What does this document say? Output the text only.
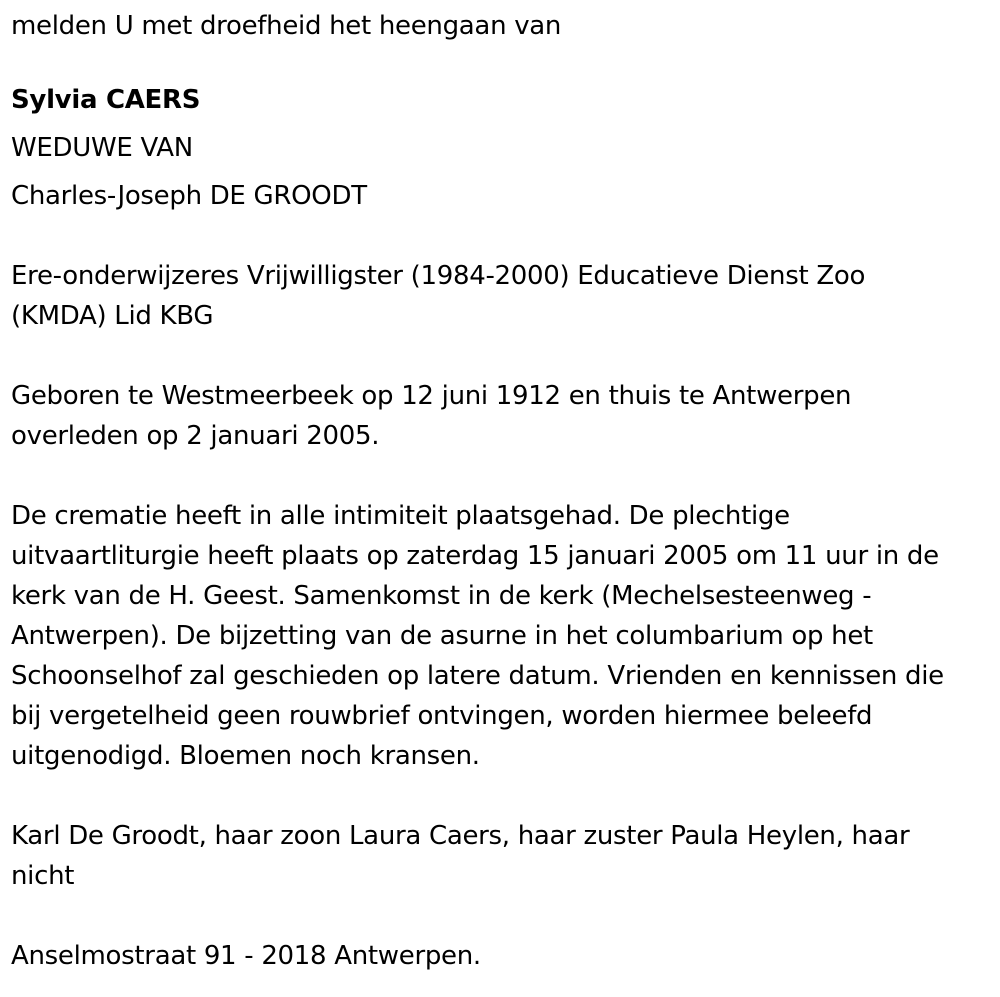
melden U met droefheid het heengaan van
Sylvia CAERS
WEDUWE VAN
Charles-Joseph DE GROODT
Ere-onderwijzeres Vrijwilligster (1984-2000) Educatieve Dienst Zoo
(KMDA) Lid KBG
Geboren te Westmeerbeek op 12 juni 1912 en thuis te Antwerpen
overleden op 2 januari 2005.
De crematie heeft in alle intimiteit plaatsgehad. De plechtige
uitvaartliturgie heeft plaats op zaterdag 15 januari 2005 om 11 uur in de
kerk van de H. Geest. Samenkomst in de kerk (Mechelsesteenweg -
Antwerpen). De bijzetting van de asurne in het columbarium op het
Schoonselhof zal geschieden op latere datum. Vrienden en kennissen die
bij vergetelheid geen rouwbrief ontvingen, worden hiermee beleefd
uitgenodigd. Bloemen noch kransen.
Karl De Groodt, haar zoon Laura Caers, haar zuster Paula Heylen, haar
nicht
Anselmostraat 91 - 2018 Antwerpen.
